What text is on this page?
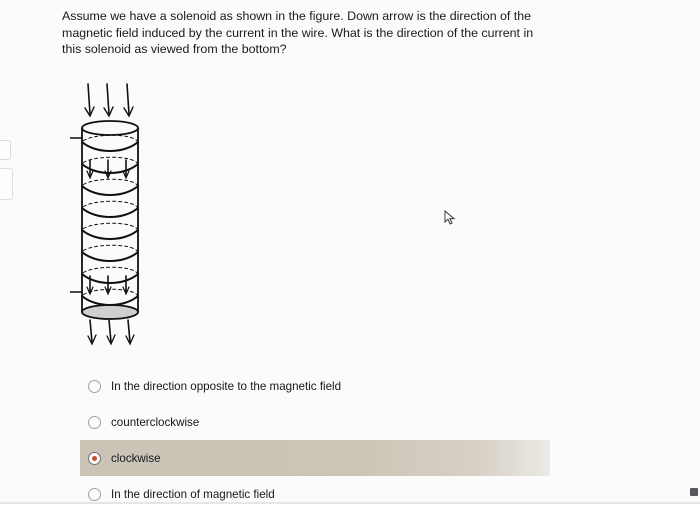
Assume we have a solenoid as shown in the figure. Down arrow is the direction of the magnetic field induced by the current in the wire. What is the direction of the current in this solenoid as viewed from the bottom?
In the direction opposite to the magnetic field
counterclockwise
clockwise
In the direction of magnetic field
